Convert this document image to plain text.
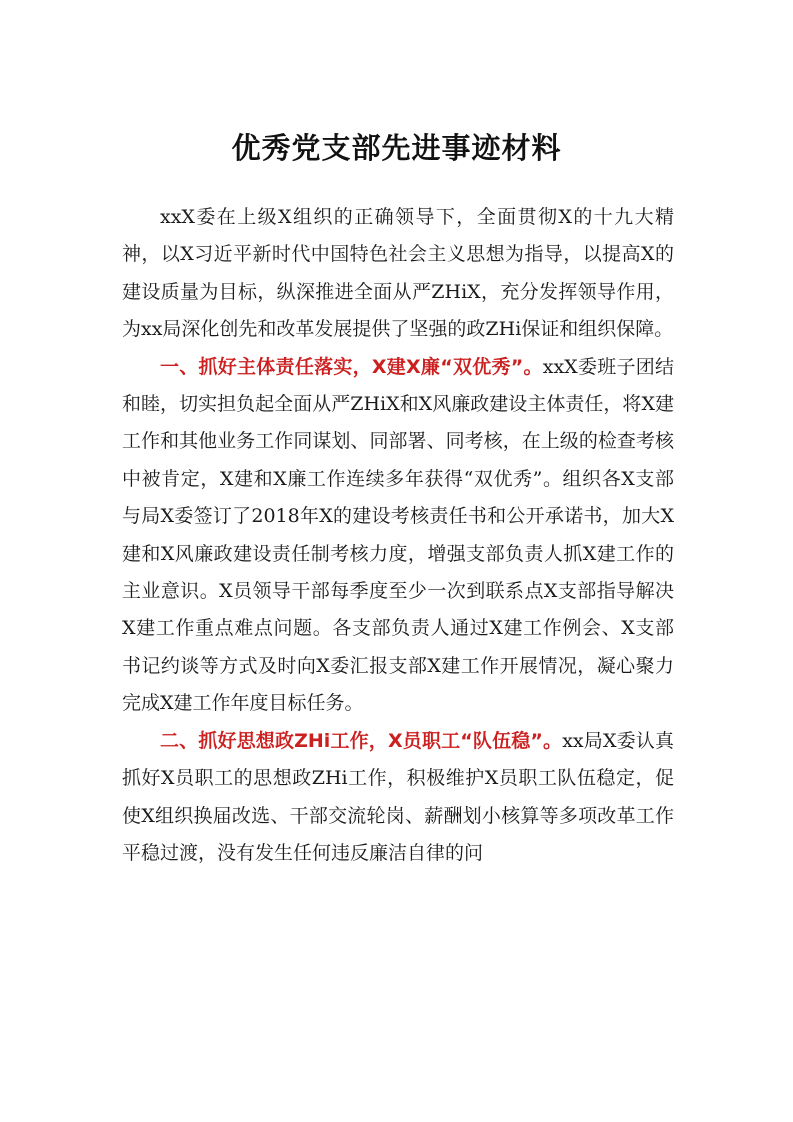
优秀党支部先进事迹材料

xxX委在上级X组织的正确领导下，全面贯彻X的十九大精神，以X习近平新时代中国特色社会主义思想为指导，以提高X的建设质量为目标，纵深推进全面从严ZHiX，充分发挥领导作用，为xx局深化创先和改革发展提供了坚强的政ZHi保证和组织保障。

一、抓好主体责任落实，X建X廉“双优秀”。xxX委班子团结和睦，切实担负起全面从严ZHiX和X风廉政建设主体责任，将X建工作和其他业务工作同谋划、同部署、同考核，在上级的检查考核中被肯定，X建和X廉工作连续多年获得“双优秀”。组织各X支部与局X委签订了2018年X的建设考核责任书和公开承诺书，加大X建和X风廉政建设责任制考核力度，增强支部负责人抓X建工作的主业意识。X员领导干部每季度至少一次到联系点X支部指导解决X建工作重点难点问题。各支部负责人通过X建工作例会、X支部书记约谈等方式及时向X委汇报支部X建工作开展情况，凝心聚力完成X建工作年度目标任务。

二、抓好思想政ZHi工作，X员职工“队伍稳”。xx局X委认真抓好X员职工的思想政ZHi工作，积极维护X员职工队伍稳定，促使X组织换届改选、干部交流轮岗、薪酬划小核算等多项改革工作平稳过渡，没有发生任何违反廉洁自律的问
